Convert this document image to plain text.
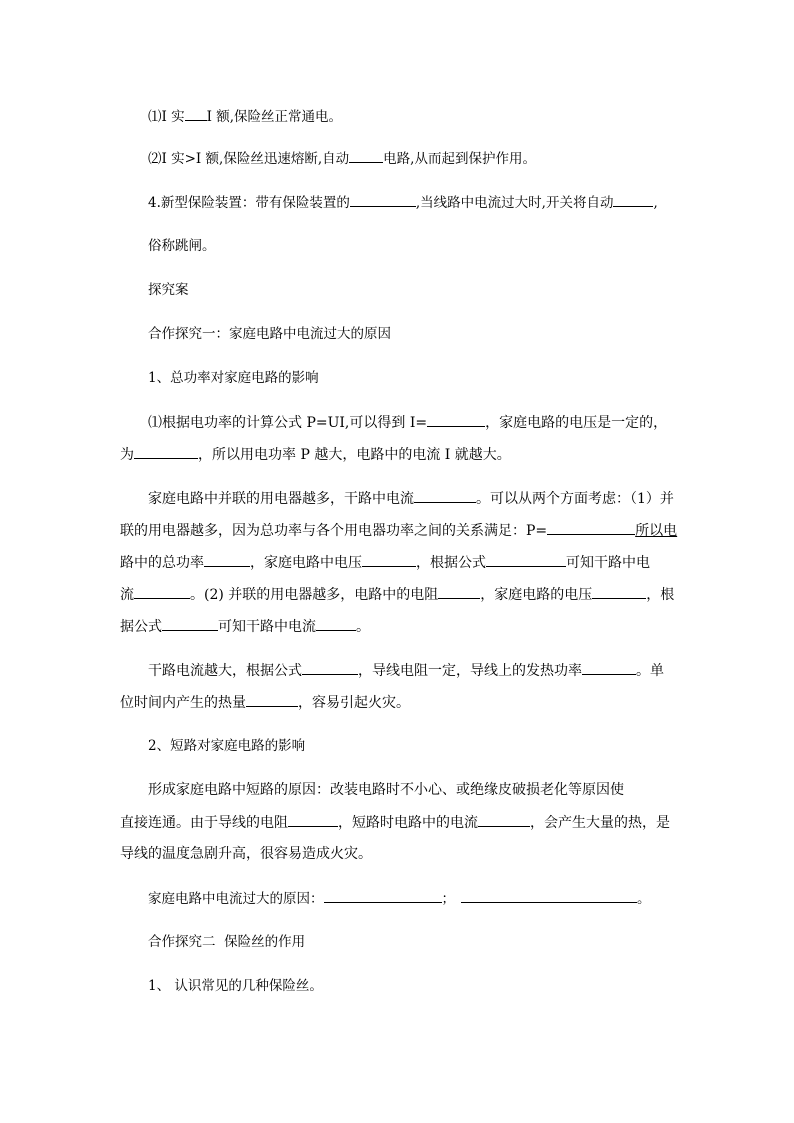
⑴I 实 I 额,保险丝正常通电。
⑵I 实>I 额,保险丝迅速熔断,自动	电路,从而起到保护作用。
4.新型保险装置：带有保险装置的	,当线路中电流过大时,开关将自动	,
俗称跳闸。
探究案
合作探究一：家庭电路中电流过大的原因
1、总功率对家庭电路的影响
⑴根据电功率的计算公式 P=UI,可以得到 I=	，家庭电路的电压是一定的，
为	，所以用电功率 P 越大，电路中的电流 I 就越大。
家庭电路中并联的用电器越多，干路中电流	。可以从两个方面考虑：（1）并
联的用电器越多，因为总功率与各个用电器功率之间的关系满足：P=	所以电
路中的总功率	，家庭电路中电压	，根据公式	可知干路中电
流	。(2) 并联的用电器越多，电路中的电阻	，家庭电路的电压	，根
据公式	可知干路中电流	。
干路电流越大，根据公式	，导线电阻一定，导线上的发热功率	。单
位时间内产生的热量	，容易引起火灾。
2、短路对家庭电路的影响
形成家庭电路中短路的原因：改装电路时不小心、或绝缘皮破损老化等原因使
直接连通。由于导线的电阻	，短路时电路中的电流	，会产生大量的热，是
导线的温度急剧升高，很容易造成火灾。
家庭电路中电流过大的原因：	；	。
合作探究二  保险丝的作用
1、 认识常见的几种保险丝。
